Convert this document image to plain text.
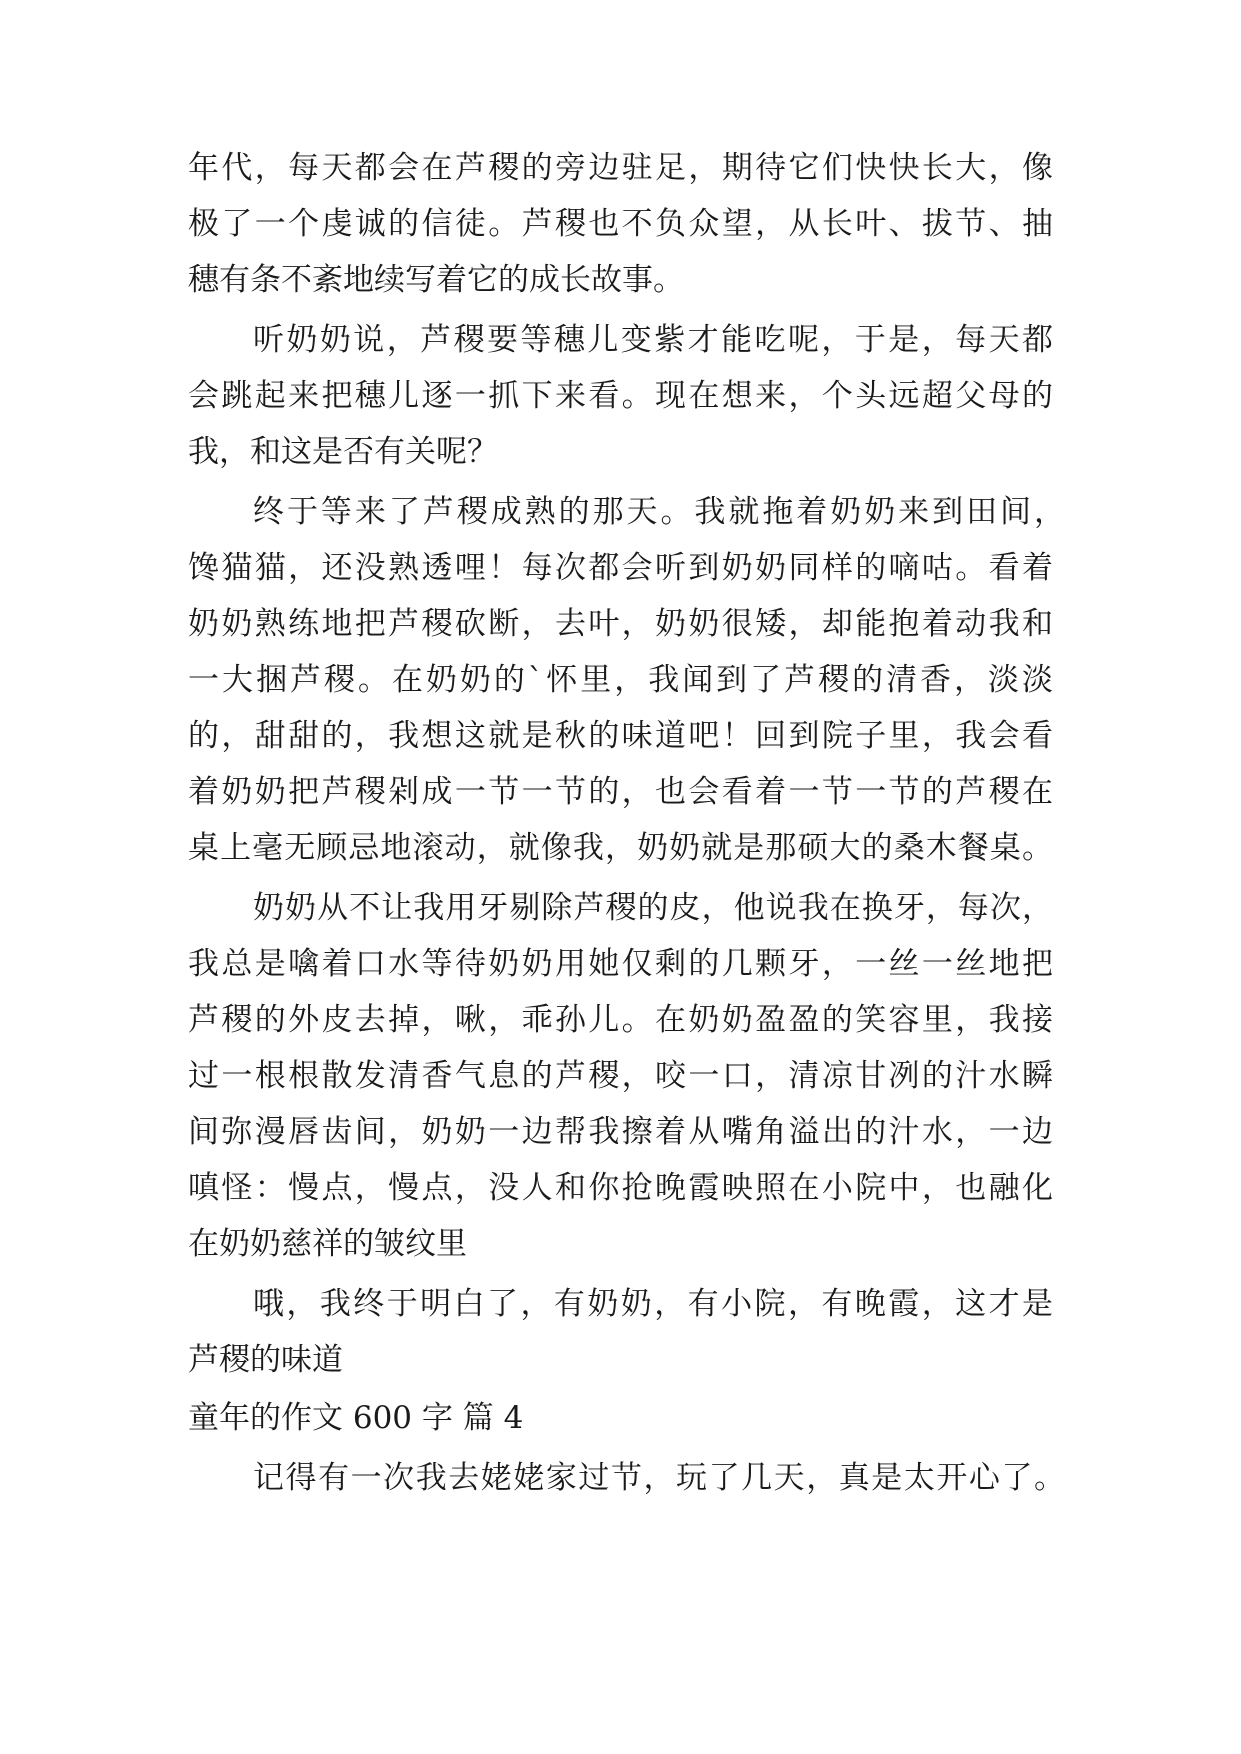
年代，每天都会在芦稷的旁边驻足，期待它们快快长大，像
极了一个虔诚的信徒。芦稷也不负众望，从长叶、拔节、抽
穗有条不紊地续写着它的成长故事。
听奶奶说，芦稷要等穗儿变紫才能吃呢，于是，每天都
会跳起来把穗儿逐一抓下来看。现在想来，个头远超父母的
我，和这是否有关呢？
终于等来了芦稷成熟的那天。我就拖着奶奶来到田间，
馋猫猫，还没熟透哩！每次都会听到奶奶同样的嘀咕。看着
奶奶熟练地把芦稷砍断，去叶，奶奶很矮，却能抱着动我和
一大捆芦稷。在奶奶的`怀里，我闻到了芦稷的清香，淡淡
的，甜甜的，我想这就是秋的味道吧！回到院子里，我会看
着奶奶把芦稷剁成一节一节的，也会看着一节一节的芦稷在
桌上毫无顾忌地滚动，就像我，奶奶就是那硕大的桑木餐桌。
奶奶从不让我用牙剔除芦稷的皮，他说我在换牙，每次，
我总是噙着口水等待奶奶用她仅剩的几颗牙，一丝一丝地把
芦稷的外皮去掉，啾，乖孙儿。在奶奶盈盈的笑容里，我接
过一根根散发清香气息的芦稷，咬一口，清凉甘冽的汁水瞬
间弥漫唇齿间，奶奶一边帮我擦着从嘴角溢出的汁水，一边
嗔怪：慢点，慢点，没人和你抢晚霞映照在小院中，也融化
在奶奶慈祥的皱纹里
哦，我终于明白了，有奶奶，有小院，有晚霞，这才是
芦稷的味道
童年的作文 600 字 篇 4
记得有一次我去姥姥家过节，玩了几天，真是太开心了。
